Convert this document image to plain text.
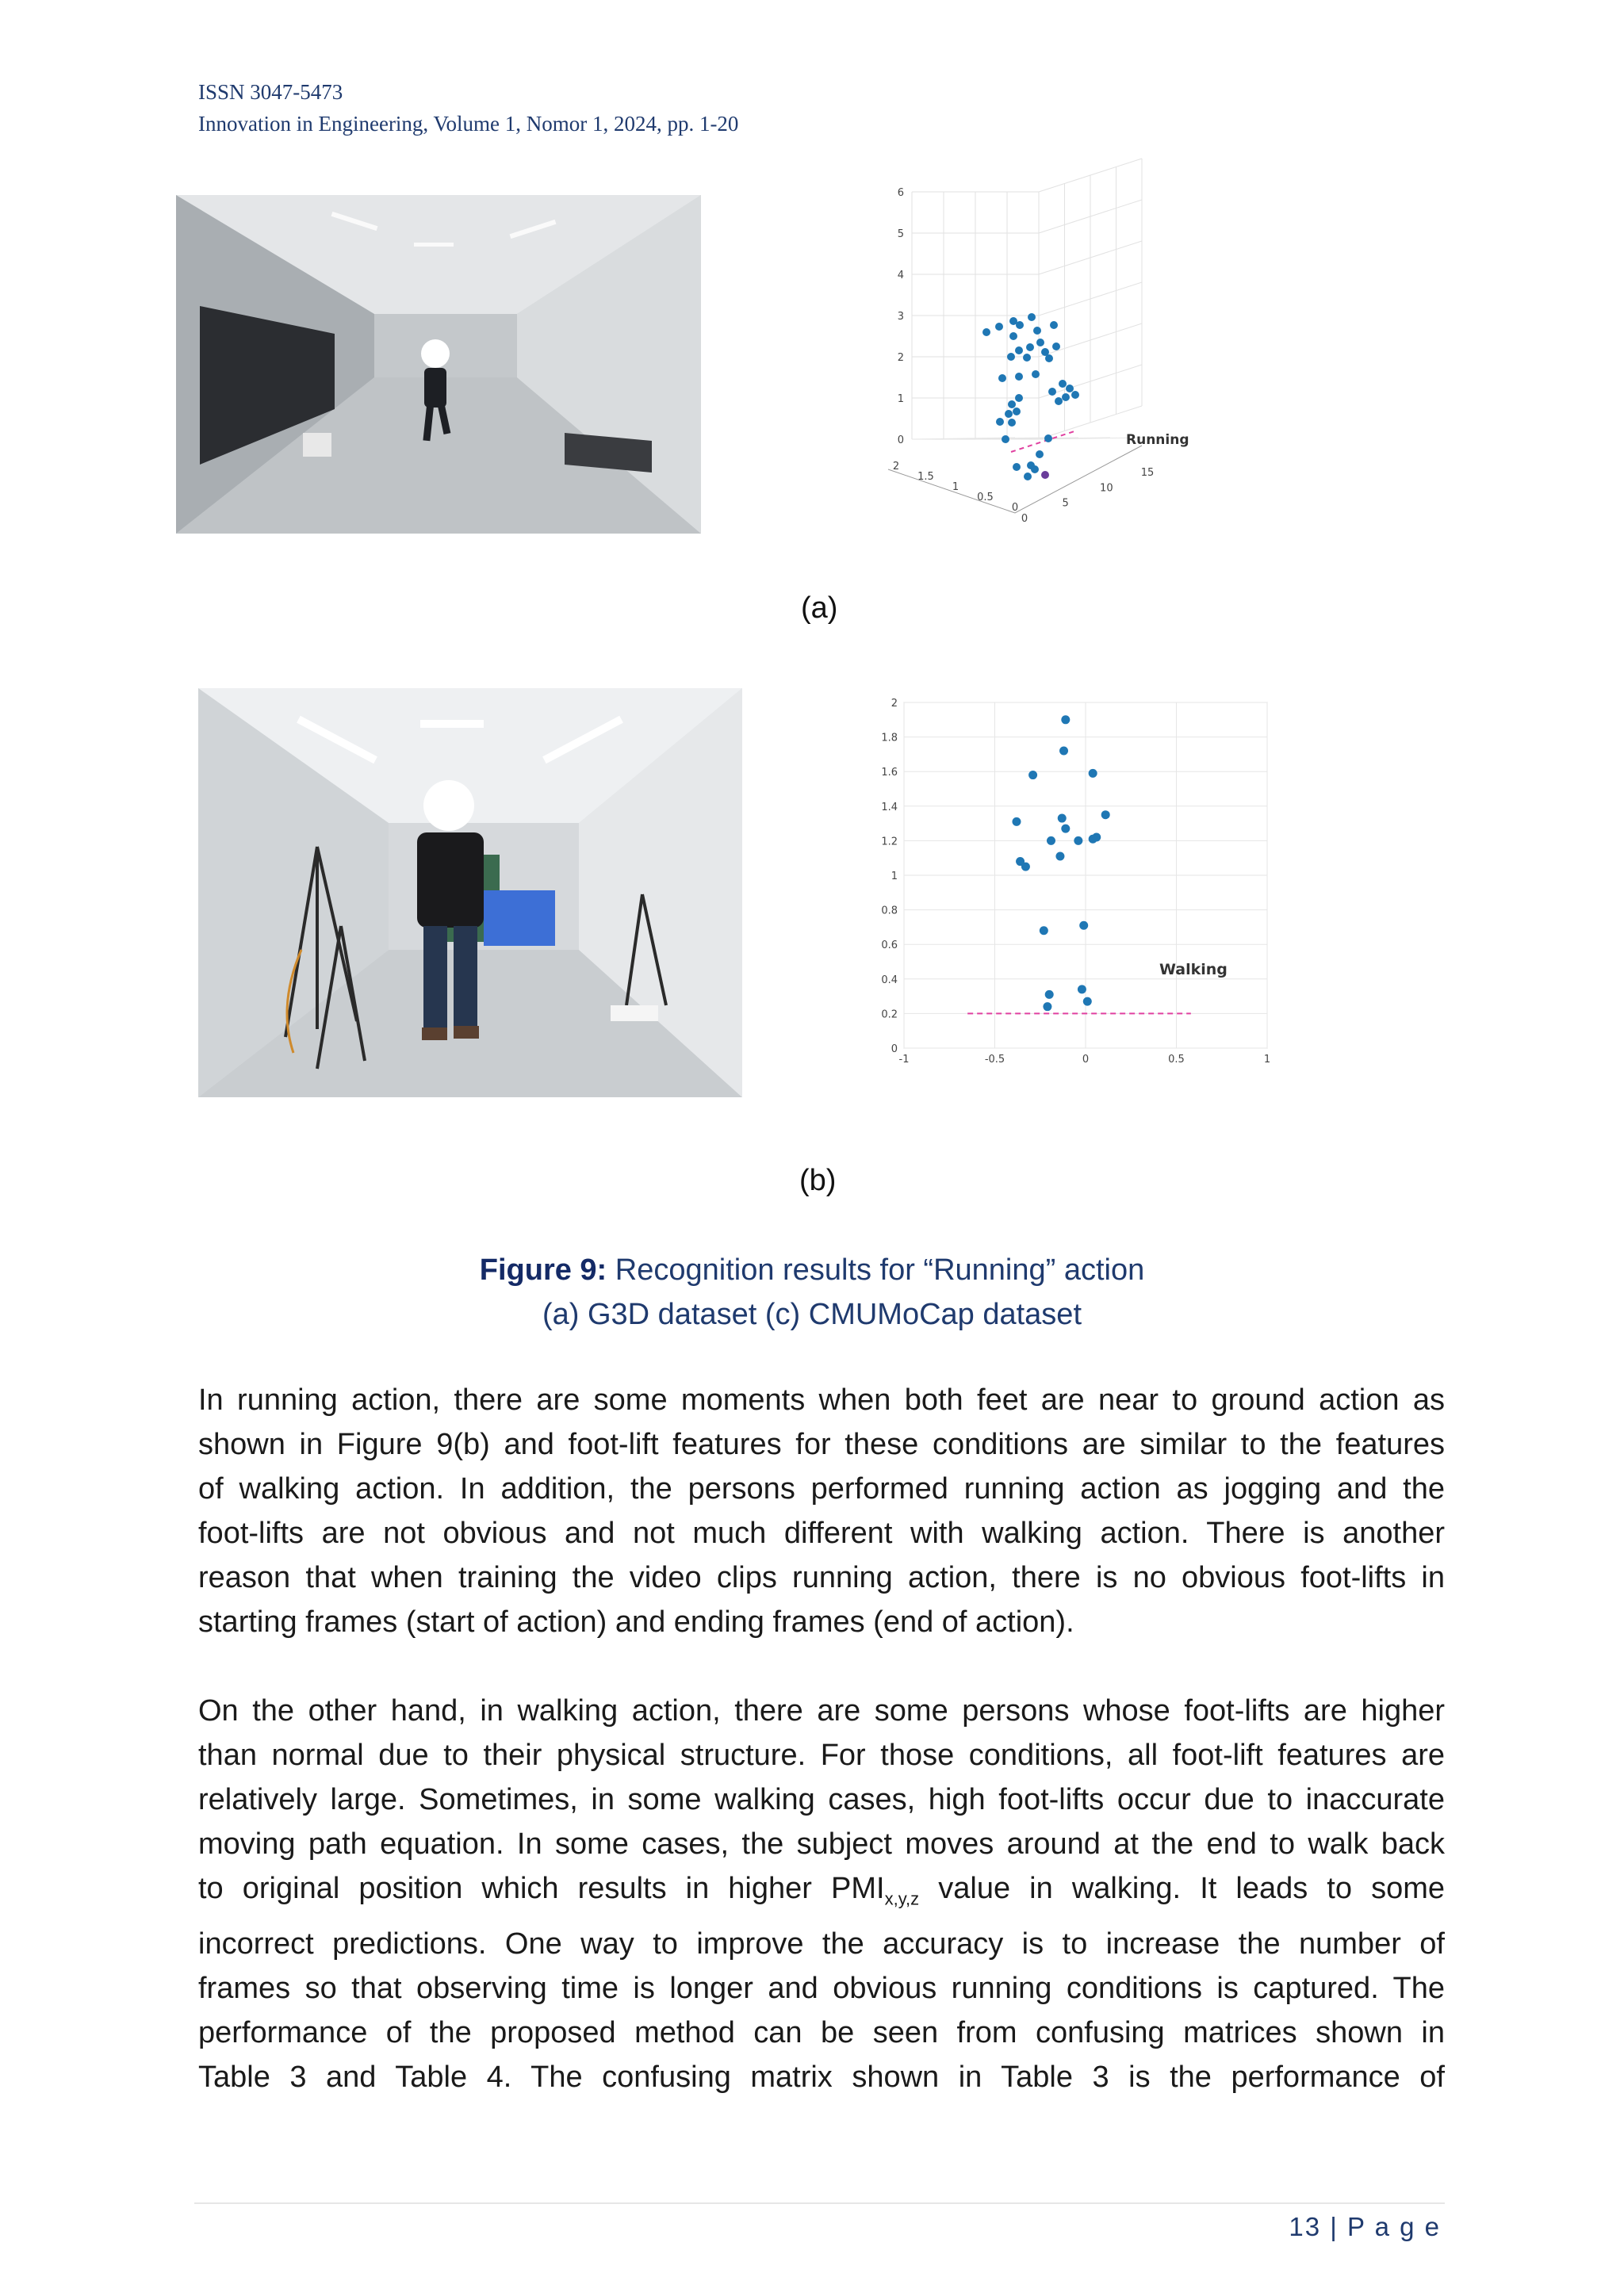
ISSN 3047-5473
Innovation in Engineering, Volume 1, Nomor 1, 2024, pp. 1-20
0
1
2
3
4
5
6
0
0.5
1
1.5
2
0
5
10
15
Running
(a)
0
0.2
0.4
0.6
0.8
1
1.2
1.4
1.6
1.8
2
-1	-0.5	0	0.5	1
Walking
(b)
Figure 9: Recognition results for “Running” action
(a) G3D dataset (c) CMUMoCap dataset
In running action, there are some moments when both feet are near to ground action as
shown in Figure 9(b) and foot-lift features for these conditions are similar to the features
of walking action. In addition, the persons performed running action as jogging and the
foot-lifts are not obvious and not much different with walking action. There is another
reason that when training the video clips running action, there is no obvious foot-lifts in
starting frames (start of action) and ending frames (end of action).
On the other hand, in walking action, there are some persons whose foot-lifts are higher
than normal due to their physical structure. For those conditions, all foot-lift features are
relatively large. Sometimes, in some walking cases, high foot-lifts occur due to inaccurate
moving path equation. In some cases, the subject moves around at the end to walk back
to original position which results in higher $PMI_{x,y,z}$ value in walking. It leads to some
incorrect predictions. One way to improve the accuracy is to increase the number of
frames so that observing time is longer and obvious running conditions is captured. The
performance of the proposed method can be seen from confusing matrices shown in
Table 3 and Table 4. The confusing matrix shown in Table 3 is the performance of
13 | P a g e
